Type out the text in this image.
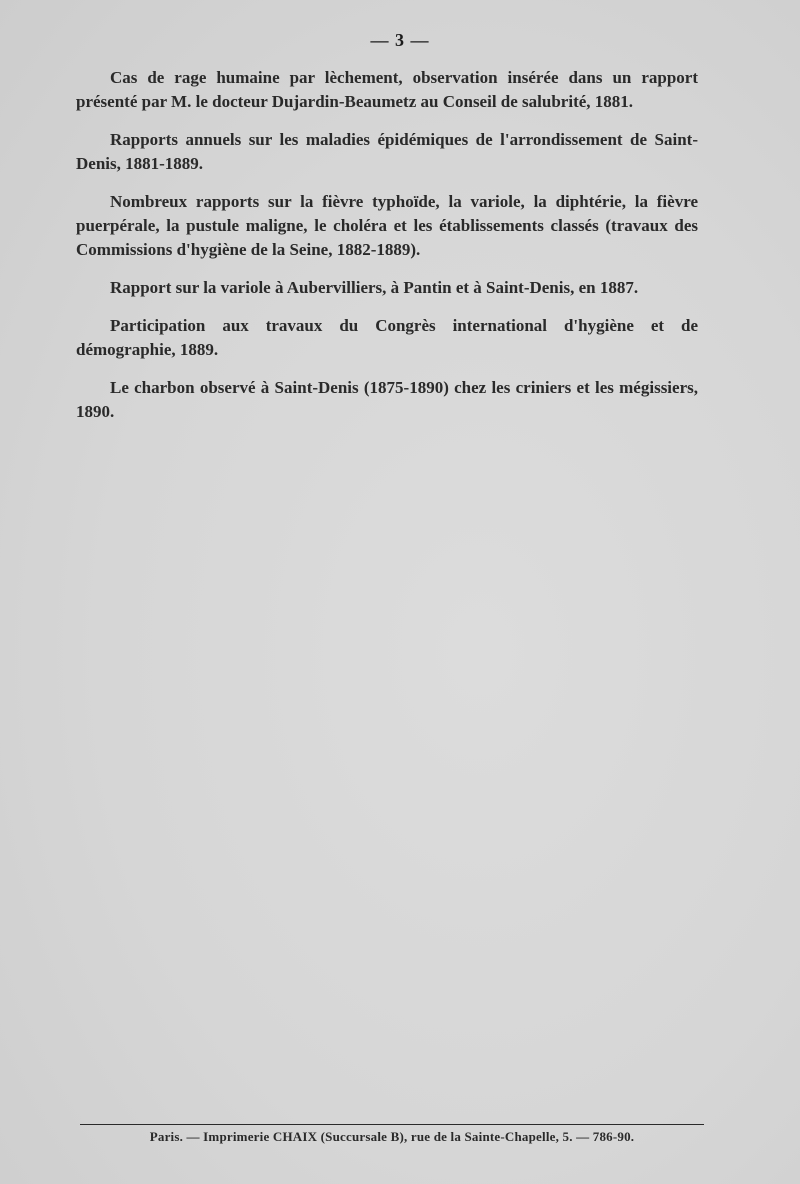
— 3 —

Cas de rage humaine par lèchement, observation insérée dans un rapport présenté par M. le docteur Dujardin-Beaumetz au Conseil de salubrité, 1881.

Rapports annuels sur les maladies épidémiques de l'arrondissement de Saint-Denis, 1881-1889.

Nombreux rapports sur la fièvre typhoïde, la variole, la diphtérie, la fièvre puerpérale, la pustule maligne, le choléra et les établissements classés (travaux des Commissions d'hygiène de la Seine, 1882-1889).

Rapport sur la variole à Aubervilliers, à Pantin et à Saint-Denis, en 1887.

Participation aux travaux du Congrès international d'hygiène et de démographie, 1889.

Le charbon observé à Saint-Denis (1875-1890) chez les criniers et les mégissiers, 1890.

Paris. — Imprimerie CHAIX (Succursale B), rue de la Sainte-Chapelle, 5. — 786-90.
